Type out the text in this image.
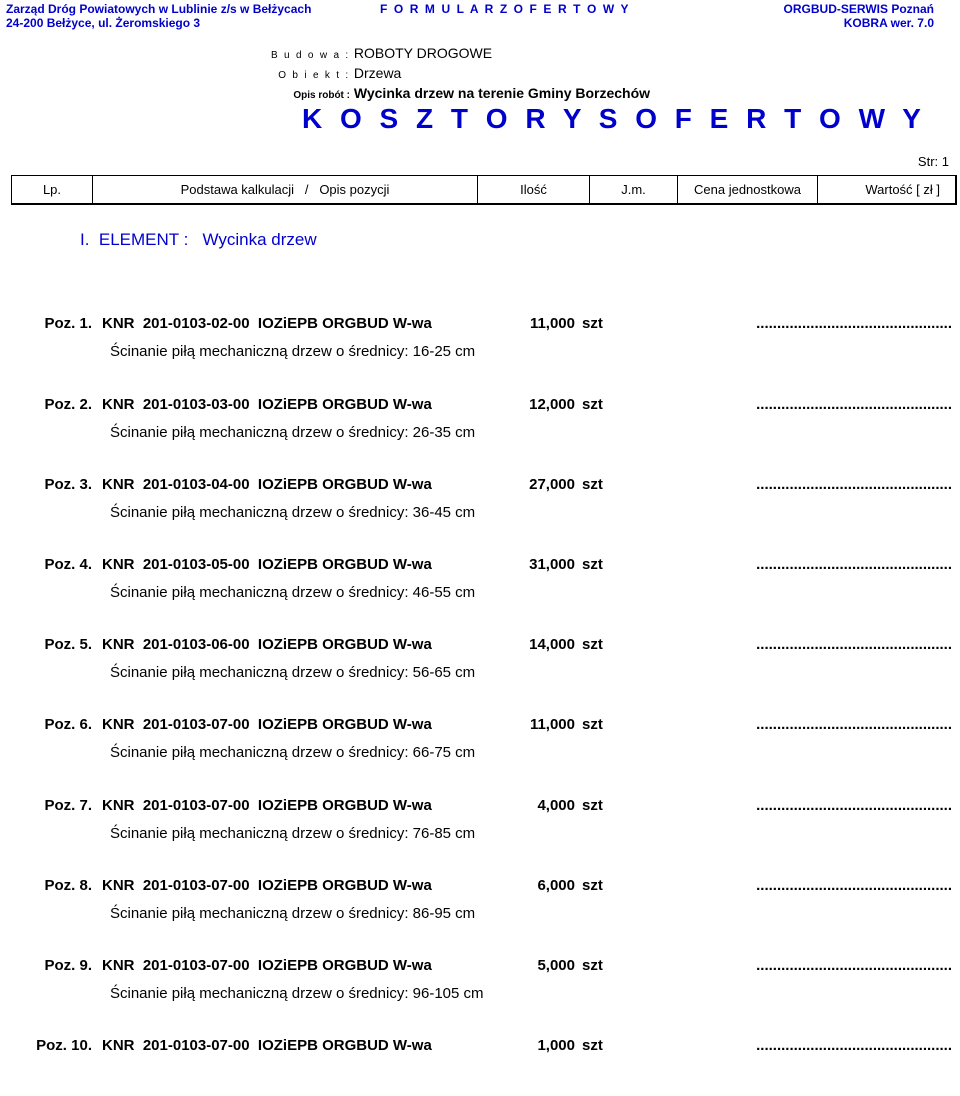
Zarząd Dróg Powiatowych w Lublinie z/s w Bełżycach
24-200 Bełżyce, ul. Żeromskiego 3
F O R M U L A R Z O F E R T O W Y	ORGBUD-SERWIS Poznań
KOBRA wer. 7.0
B u d o w a : ROBOTY DROGOWE
O b i e k t : Drzewa
Opis robót : Wycinka drzew na terenie Gminy Borzechów
K O S Z T O R Y S O F E R T O W Y
Str: 1
Lp.	Podstawa kalkulacji   /   Opis pozycji	Ilość	J.m.	Cena jednostkowa	Wartość [ zł ]
I.  ELEMENT :   Wycinka drzew
Poz. 1. KNR  201-0103-02-00  IOZiEPB ORGBUD W-wa	11,000 szt	...............................................
Ścinanie piłą mechaniczną drzew o średnicy: 16-25 cm
Poz. 2. KNR  201-0103-03-00  IOZiEPB ORGBUD W-wa	12,000 szt	...............................................
Ścinanie piłą mechaniczną drzew o średnicy: 26-35 cm
Poz. 3. KNR  201-0103-04-00  IOZiEPB ORGBUD W-wa	27,000 szt	...............................................
Ścinanie piłą mechaniczną drzew o średnicy: 36-45 cm
Poz. 4. KNR  201-0103-05-00  IOZiEPB ORGBUD W-wa	31,000 szt	...............................................
Ścinanie piłą mechaniczną drzew o średnicy: 46-55 cm
Poz. 5. KNR  201-0103-06-00  IOZiEPB ORGBUD W-wa	14,000 szt	...............................................
Ścinanie piłą mechaniczną drzew o średnicy: 56-65 cm
Poz. 6. KNR  201-0103-07-00  IOZiEPB ORGBUD W-wa	11,000 szt	...............................................
Ścinanie piłą mechaniczną drzew o średnicy: 66-75 cm
Poz. 7. KNR  201-0103-07-00  IOZiEPB ORGBUD W-wa	4,000 szt	...............................................
Ścinanie piłą mechaniczną drzew o średnicy: 76-85 cm
Poz. 8. KNR  201-0103-07-00  IOZiEPB ORGBUD W-wa	6,000 szt	...............................................
Ścinanie piłą mechaniczną drzew o średnicy: 86-95 cm
Poz. 9. KNR  201-0103-07-00  IOZiEPB ORGBUD W-wa	5,000 szt	...............................................
Ścinanie piłą mechaniczną drzew o średnicy: 96-105 cm
Poz. 10. KNR  201-0103-07-00  IOZiEPB ORGBUD W-wa	1,000 szt	...............................................
